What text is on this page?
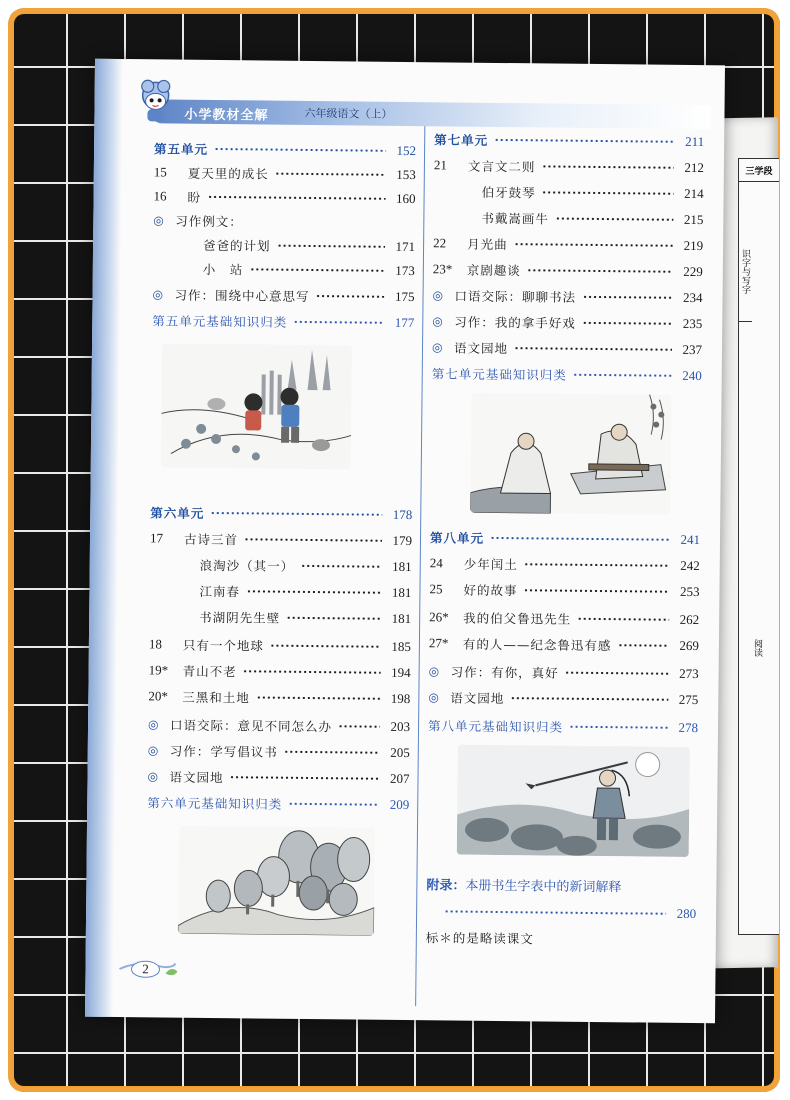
三学段
识字与写字
阅读
小学教材全解	六年级语文（上）
第五单元	152
15	夏天里的成长	153
16	盼	160
◎ 习作例文：
爸爸的计划	171
小　站	173
◎ 习作：围绕中心意思写	175
第五单元基础知识归类	177
第六单元	178
17	古诗三首	179
浪淘沙（其一）	181
江南春	181
书湖阴先生壁	181
18	只有一个地球	185
19*	青山不老	194
20*	三黑和土地	198
◎ 口语交际：意见不同怎么办	203
◎ 习作：学写倡议书	205
◎ 语文园地	207
第六单元基础知识归类	209
第七单元	211
21	文言文二则	212
伯牙鼓琴	214
书戴嵩画牛	215
22	月光曲	219
23*	京剧趣谈	229
◎ 口语交际：聊聊书法	234
◎ 习作：我的拿手好戏	235
◎ 语文园地	237
第七单元基础知识归类	240
第八单元	241
24	少年闰土	242
25	好的故事	253
26*	我的伯父鲁迅先生	262
27*	有的人——纪念鲁迅有感	269
◎ 习作：有你，真好	273
◎ 语文园地	275
第八单元基础知识归类	278
附录： 本册书生字表中的新词解释
280
标＊的是略读课文
2
